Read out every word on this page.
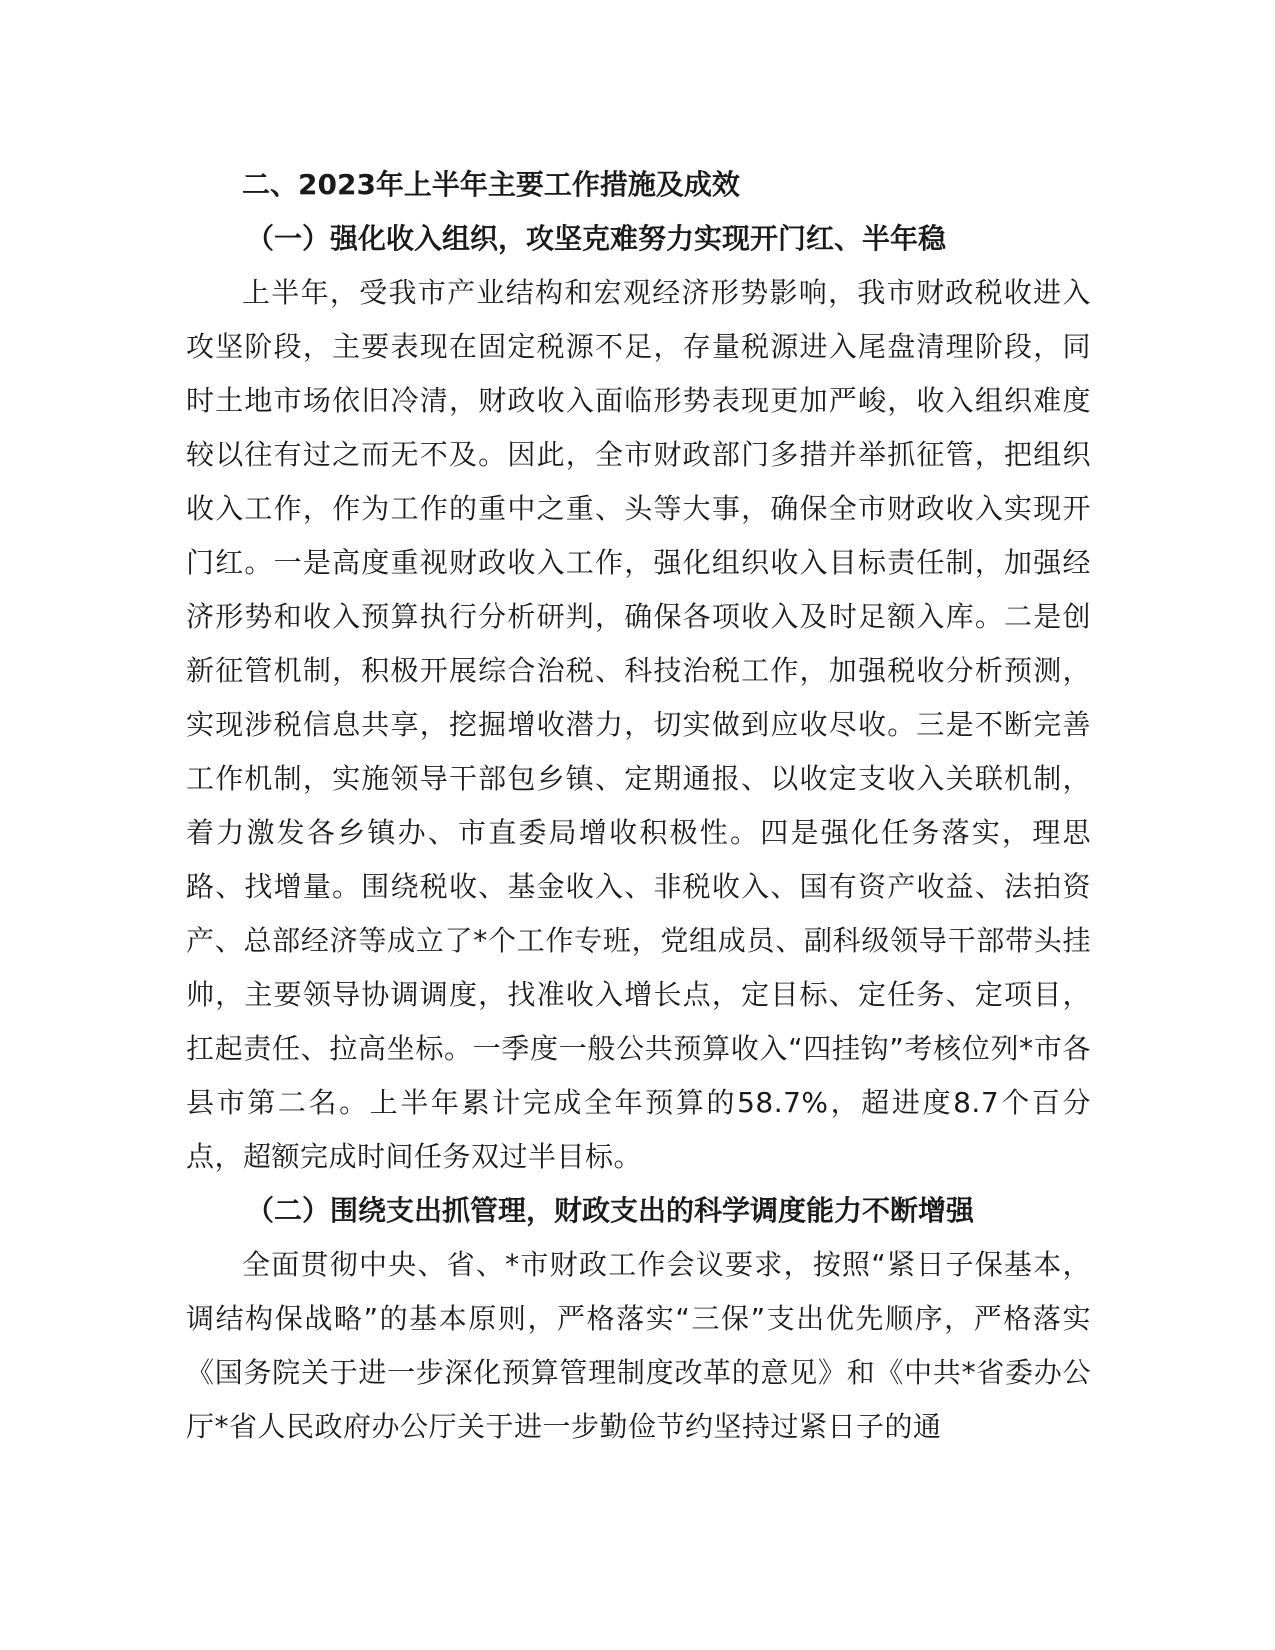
二、2023年上半年主要工作措施及成效

（一）强化收入组织，攻坚克难努力实现开门红、半年稳

上半年，受我市产业结构和宏观经济形势影响，我市财政税收进入攻坚阶段，主要表现在固定税源不足，存量税源进入尾盘清理阶段，同时土地市场依旧冷清，财政收入面临形势表现更加严峻，收入组织难度较以往有过之而无不及。因此，全市财政部门多措并举抓征管，把组织收入工作，作为工作的重中之重、头等大事，确保全市财政收入实现开门红。一是高度重视财政收入工作，强化组织收入目标责任制，加强经济形势和收入预算执行分析研判，确保各项收入及时足额入库。二是创新征管机制，积极开展综合治税、科技治税工作，加强税收分析预测，实现涉税信息共享，挖掘增收潜力，切实做到应收尽收。三是不断完善工作机制，实施领导干部包乡镇、定期通报、以收定支收入关联机制，着力激发各乡镇办、市直委局增收积极性。四是强化任务落实，理思路、找增量。围绕税收、基金收入、非税收入、国有资产收益、法拍资产、总部经济等成立了*个工作专班，党组成员、副科级领导干部带头挂帅，主要领导协调调度，找准收入增长点，定目标、定任务、定项目，扛起责任、拉高坐标。一季度一般公共预算收入“四挂钩”考核位列*市各县市第二名。上半年累计完成全年预算的58.7%，超进度8.7个百分点，超额完成时间任务双过半目标。

（二）围绕支出抓管理，财政支出的科学调度能力不断增强

全面贯彻中央、省、*市财政工作会议要求，按照“紧日子保基本，调结构保战略”的基本原则，严格落实“三保”支出优先顺序，严格落实《国务院关于进一步深化预算管理制度改革的意见》和《中共*省委办公厅*省人民政府办公厅关于进一步勤俭节约坚持过紧日子的通
